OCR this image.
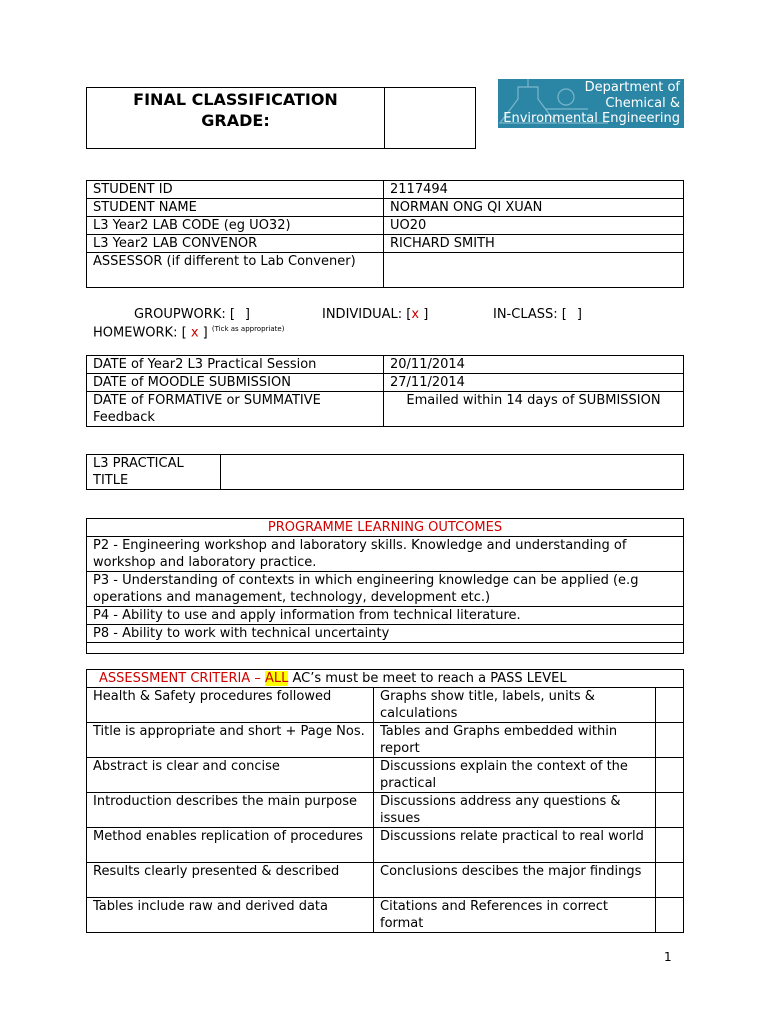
FINAL CLASSIFICATION
GRADE:
Department of
Chemical &
Environmental Engineering
STUDENT ID	2117494
STUDENT NAME	NORMAN ONG QI XUAN
L3 Year2 LAB CODE (eg UO32)	UO20
L3 Year2 LAB CONVENOR	RICHARD SMITH
ASSESSOR (if different to Lab Convener)	
GROUPWORK: [ ]	INDIVIDUAL: [x ]	IN-CLASS: [ ]
HOMEWORK: [ x ] $^{(Tick as appropriate)}$
DATE of Year2 L3 Practical Session	20/11/2014
DATE of MOODLE SUBMISSION	27/11/2014
DATE of FORMATIVE or SUMMATIVE Feedback	Emailed within 14 days of SUBMISSION
L3 PRACTICAL TITLE	
PROGRAMME LEARNING OUTCOMES
P2 - Engineering workshop and laboratory skills. Knowledge and understanding of workshop and laboratory practice.
P3 - Understanding of contexts in which engineering knowledge can be applied (e.g operations and management, technology, development etc.)
P4 - Ability to use and apply information from technical literature.
P8 - Ability to work with technical uncertainty

ASSESSMENT CRITERIA – ALL AC’s must be meet to reach a PASS LEVEL		
Health & Safety procedures followed	Graphs show title, labels, units & calculations	
Title is appropriate and short + Page Nos.	Tables and Graphs embedded within report	
Abstract is clear and concise	Discussions explain the context of the practical	
Introduction describes the main purpose	Discussions address any questions & issues	
Method enables replication of procedures	Discussions relate practical to real world	
Results clearly presented & described	Conclusions descibes the major findings	
Tables include raw and derived data	Citations and References in correct format	
1
